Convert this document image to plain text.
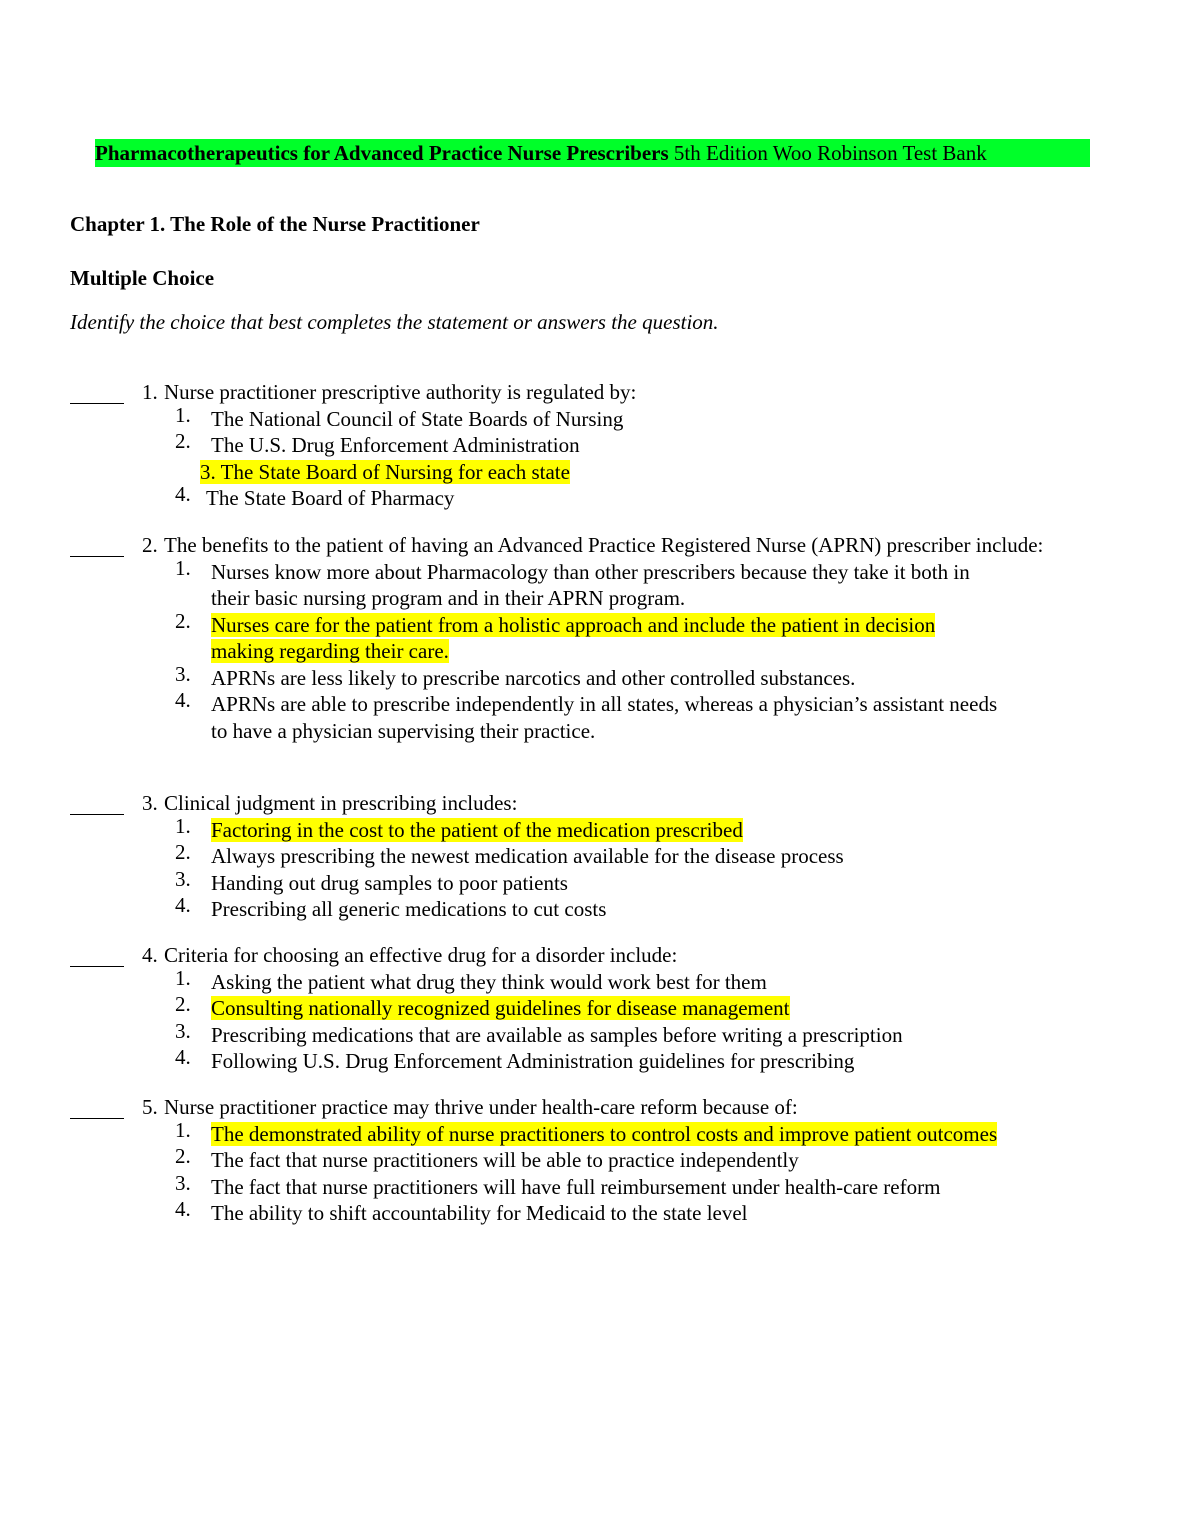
Pharmacotherapeutics for Advanced Practice Nurse Prescribers 5th Edition Woo Robinson Test Bank
Chapter 1. The Role of the Nurse Practitioner
Multiple Choice
Identify the choice that best completes the statement or answers the question.
1. Nurse practitioner prescriptive authority is regulated by:
1. The National Council of State Boards of Nursing
2. The U.S. Drug Enforcement Administration
3. The State Board of Nursing for each state
4. The State Board of Pharmacy
2. The benefits to the patient of having an Advanced Practice Registered Nurse (APRN) prescriber include:
1. Nurses know more about Pharmacology than other prescribers because they take it both in their basic nursing program and in their APRN program.
2. Nurses care for the patient from a holistic approach and include the patient in decision making regarding their care.
3. APRNs are less likely to prescribe narcotics and other controlled substances.
4. APRNs are able to prescribe independently in all states, whereas a physician’s assistant needs to have a physician supervising their practice.
3. Clinical judgment in prescribing includes:
1. Factoring in the cost to the patient of the medication prescribed
2. Always prescribing the newest medication available for the disease process
3. Handing out drug samples to poor patients
4. Prescribing all generic medications to cut costs
4. Criteria for choosing an effective drug for a disorder include:
1. Asking the patient what drug they think would work best for them
2. Consulting nationally recognized guidelines for disease management
3. Prescribing medications that are available as samples before writing a prescription
4. Following U.S. Drug Enforcement Administration guidelines for prescribing
5. Nurse practitioner practice may thrive under health-care reform because of:
1. The demonstrated ability of nurse practitioners to control costs and improve patient outcomes
2. The fact that nurse practitioners will be able to practice independently
3. The fact that nurse practitioners will have full reimbursement under health-care reform
4. The ability to shift accountability for Medicaid to the state level
